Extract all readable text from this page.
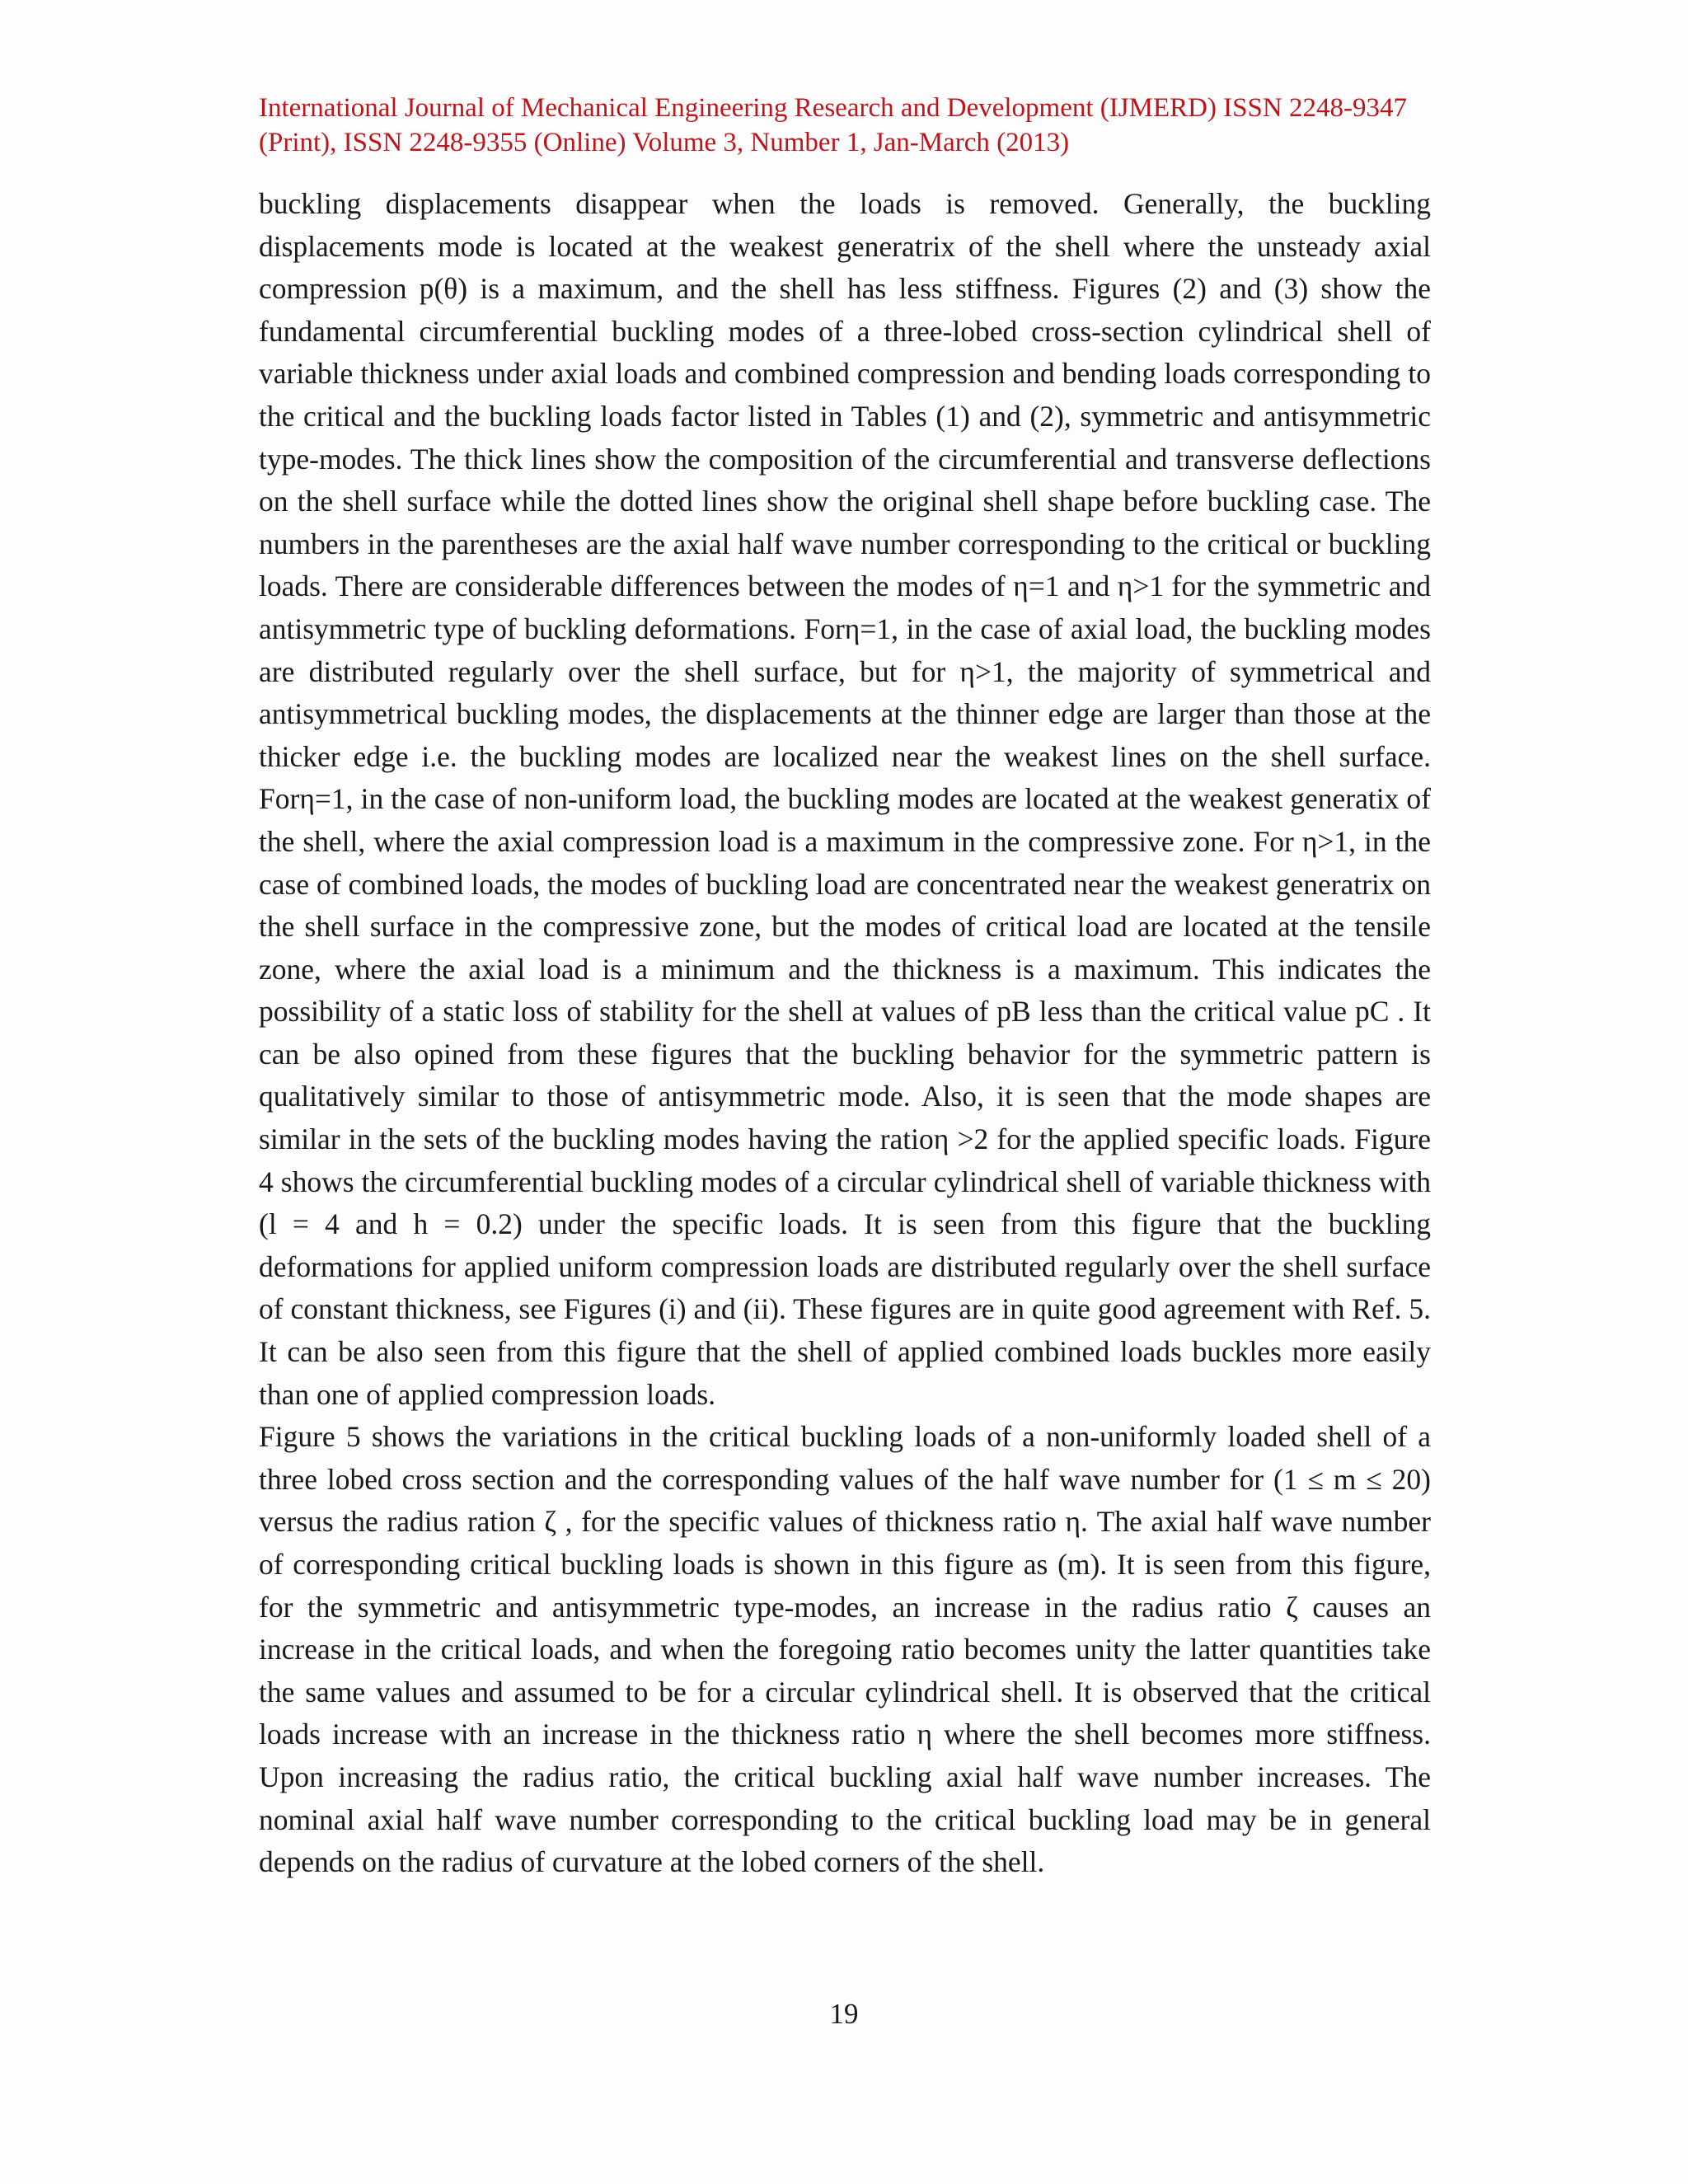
International Journal of Mechanical Engineering Research and Development (IJMERD) ISSN 2248-9347 (Print), ISSN 2248-9355 (Online) Volume 3, Number 1, Jan-March (2013)

buckling displacements disappear when the loads is removed. Generally, the buckling displacements mode is located at the weakest generatrix of the shell where the unsteady axial compression p(θ) is a maximum, and the shell has less stiffness. Figures (2) and (3) show the fundamental circumferential buckling modes of a three-lobed cross-section cylindrical shell of variable thickness under axial loads and combined compression and bending loads corresponding to the critical and the buckling loads factor listed in Tables (1) and (2), symmetric and antisymmetric type-modes. The thick lines show the composition of the circumferential and transverse deflections on the shell surface while the dotted lines show the original shell shape before buckling case. The numbers in the parentheses are the axial half wave number corresponding to the critical or buckling loads. There are considerable differences between the modes of η=1 and η>1 for the symmetric and antisymmetric type of buckling deformations. Forη=1, in the case of axial load, the buckling modes are distributed regularly over the shell surface, but for η>1, the majority of symmetrical and antisymmetrical buckling modes, the displacements at the thinner edge are larger than those at the thicker edge i.e. the buckling modes are localized near the weakest lines on the shell surface. Forη=1, in the case of non-uniform load, the buckling modes are located at the weakest generatix of the shell, where the axial compression load is a maximum in the compressive zone. For η>1, in the case of combined loads, the modes of buckling load are concentrated near the weakest generatrix on the shell surface in the compressive zone, but the modes of critical load are located at the tensile zone, where the axial load is a minimum and the thickness is a maximum. This indicates the possibility of a static loss of stability for the shell at values of pB less than the critical value pC . It can be also opined from these figures that the buckling behavior for the symmetric pattern is qualitatively similar to those of antisymmetric mode. Also, it is seen that the mode shapes are similar in the sets of the buckling modes having the ratioη >2 for the applied specific loads. Figure 4 shows the circumferential buckling modes of a circular cylindrical shell of variable thickness with (l = 4 and h = 0.2) under the specific loads. It is seen from this figure that the buckling deformations for applied uniform compression loads are distributed regularly over the shell surface of constant thickness, see Figures (i) and (ii). These figures are in quite good agreement with Ref. 5. It can be also seen from this figure that the shell of applied combined loads buckles more easily than one of applied compression loads.

Figure 5 shows the variations in the critical buckling loads of a non-uniformly loaded shell of a three lobed cross section and the corresponding values of the half wave number for (1 ≤ m ≤ 20) versus the radius ration ζ , for the specific values of thickness ratio η. The axial half wave number of corresponding critical buckling loads is shown in this figure as (m). It is seen from this figure, for the symmetric and antisymmetric type-modes, an increase in the radius ratio ζ causes an increase in the critical loads, and when the foregoing ratio becomes unity the latter quantities take the same values and assumed to be for a circular cylindrical shell. It is observed that the critical loads increase with an increase in the thickness ratio η where the shell becomes more stiffness. Upon increasing the radius ratio, the critical buckling axial half wave number increases. The nominal axial half wave number corresponding to the critical buckling load may be in general depends on the radius of curvature at the lobed corners of the shell.

19
